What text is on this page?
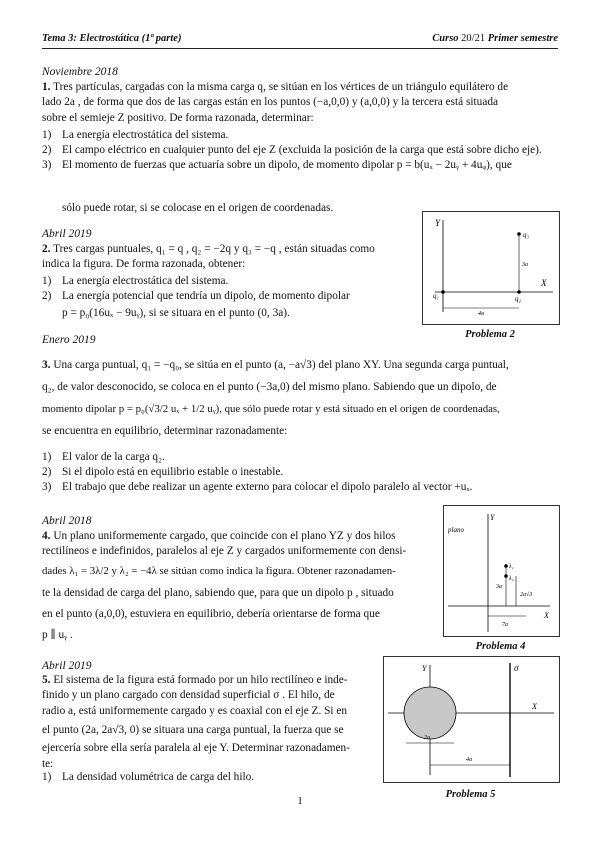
Tema 3: Electrostática (1ª parte)	Curso 20/21 Primer semestre
Noviembre 2018
1. Tres partículas, cargadas con la misma carga q, se sitúan en los vértices de un triángulo equilátero de
lado 2a , de forma que dos de las cargas están en los puntos (−a,0,0) y (a,0,0) y la tercera está situada
sobre el semieje Z positivo. De forma razonada, determinar:
1) La energía electrostática del sistema.
2) El campo eléctrico en cualquier punto del eje Z (excluida la posición de la carga que está sobre dicho eje).
3) El momento de fuerzas que actuaría sobre un dipolo, de momento dipolar p = b(uₓ − 2uᵧ + 4uᵩ), que
sólo puede rotar, si se colocase en el origen de coordenadas.
Abril 2019
2. Tres cargas puntuales, q₁ = q , q₂ = −2q y q₃ = −q , están situadas como
indica la figura. De forma razonada, obtener:
1) La energía electrostática del sistema.
2) La energía potencial que tendría un dipolo, de momento dipolar
p = p₀(16uₓ − 9uᵧ), si se situara en el punto (0, 3a).
Y
X
q₃
q₂
q₁
3a
4a
Problema 2
Enero 2019
3. Una carga puntual, q₁ = −q₀, se sitúa en el punto (a, −a√3) del plano XY. Una segunda carga puntual,
q₂, de valor desconocido, se coloca en el punto (−3a,0) del mismo plano. Sabiendo que un dipolo, de
momento dipolar p = p₀(√3/2 uₓ + 1/2 uᵧ), que sólo puede rotar y está situado en el origen de coordenadas,
se encuentra en equilibrio, determinar razonadamente:
1) El valor de la carga q₂.
2) Si el dipolo está en equilibrio estable o inestable.
3) El trabajo que debe realizar un agente externo para colocar el dipolo paralelo al vector +uₓ.
Abril 2018
4. Un plano uniformemente cargado, que coincide con el plano YZ y dos hilos
rectilíneos e indefinidos, paralelos al eje Z y cargados uniformemente con densi-
dades λ₁ = 3λ/2 y λ₂ = −4λ se sitúan como indica la figura. Obtener razonadamen-
te la densidad de carga del plano, sabiendo que, para que un dipolo p , situado
en el punto (a,0,0), estuviera en equilibrio, debería orientarse de forma que
p ∥ uᵧ .
Y
plano
X
λ₁
λ₂
3a
2a√3
7a
Problema 4
Abril 2019
5. El sistema de la figura está formado por un hilo rectilíneo e inde-
finido y un plano cargado con densidad superficial σ . El hilo, de
radio a, está uniformemente cargado y es coaxial con el eje Z. Si en
el punto (2a, 2a√3, 0) se situara una carga puntual, la fuerza que se
ejercería sobre ella sería paralela al eje Y. Determinar razonadamen-
te:
1) La densidad volumétrica de carga del hilo.
Y
X
σ
2a
4a
Problema 5
1
